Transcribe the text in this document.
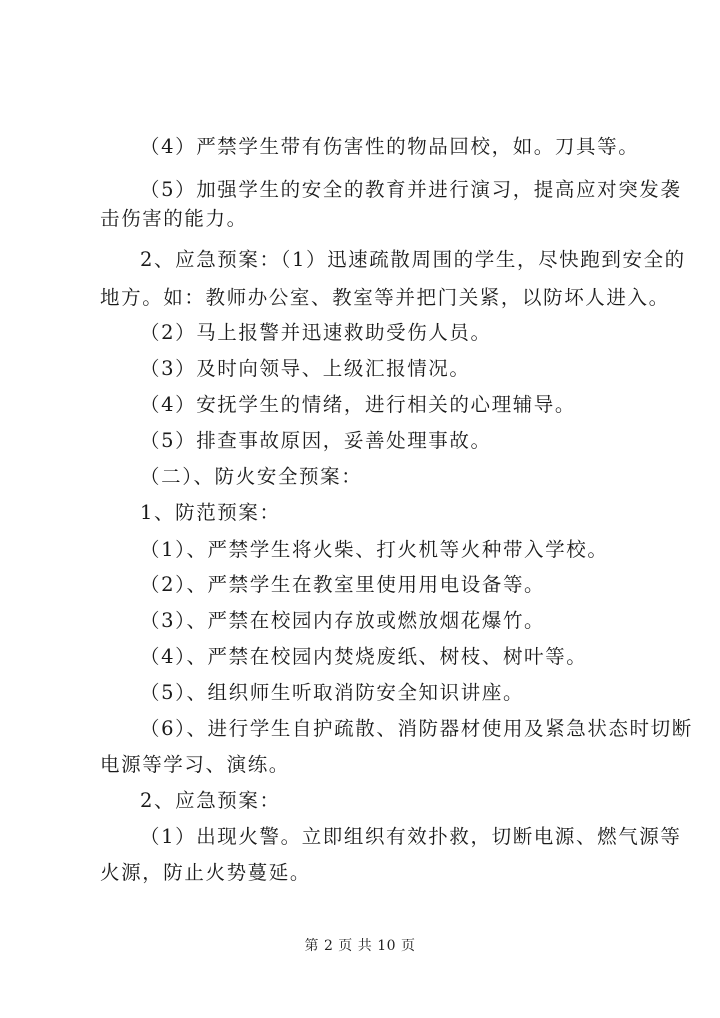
（4）严禁学生带有伤害性的物品回校，如。刀具等。
（5）加强学生的安全的教育并进行演习，提高应对突发袭
击伤害的能力。
2、应急预案：（1）迅速疏散周围的学生，尽快跑到安全的
地方。如：教师办公室、教室等并把门关紧，以防坏人进入。
（2）马上报警并迅速救助受伤人员。
（3）及时向领导、上级汇报情况。
（4）安抚学生的情绪，进行相关的心理辅导。
（5）排查事故原因，妥善处理事故。
（二）、防火安全预案：
1、防范预案：
（1）、严禁学生将火柴、打火机等火种带入学校。
（2）、严禁学生在教室里使用用电设备等。
（3）、严禁在校园内存放或燃放烟花爆竹。
（4）、严禁在校园内焚烧废纸、树枝、树叶等。
（5）、组织师生听取消防安全知识讲座。
（6）、进行学生自护疏散、消防器材使用及紧急状态时切断
电源等学习、演练。
2、应急预案：
（1）出现火警。立即组织有效扑救，切断电源、燃气源等
火源，防止火势蔓延。
第 2 页 共 10 页
